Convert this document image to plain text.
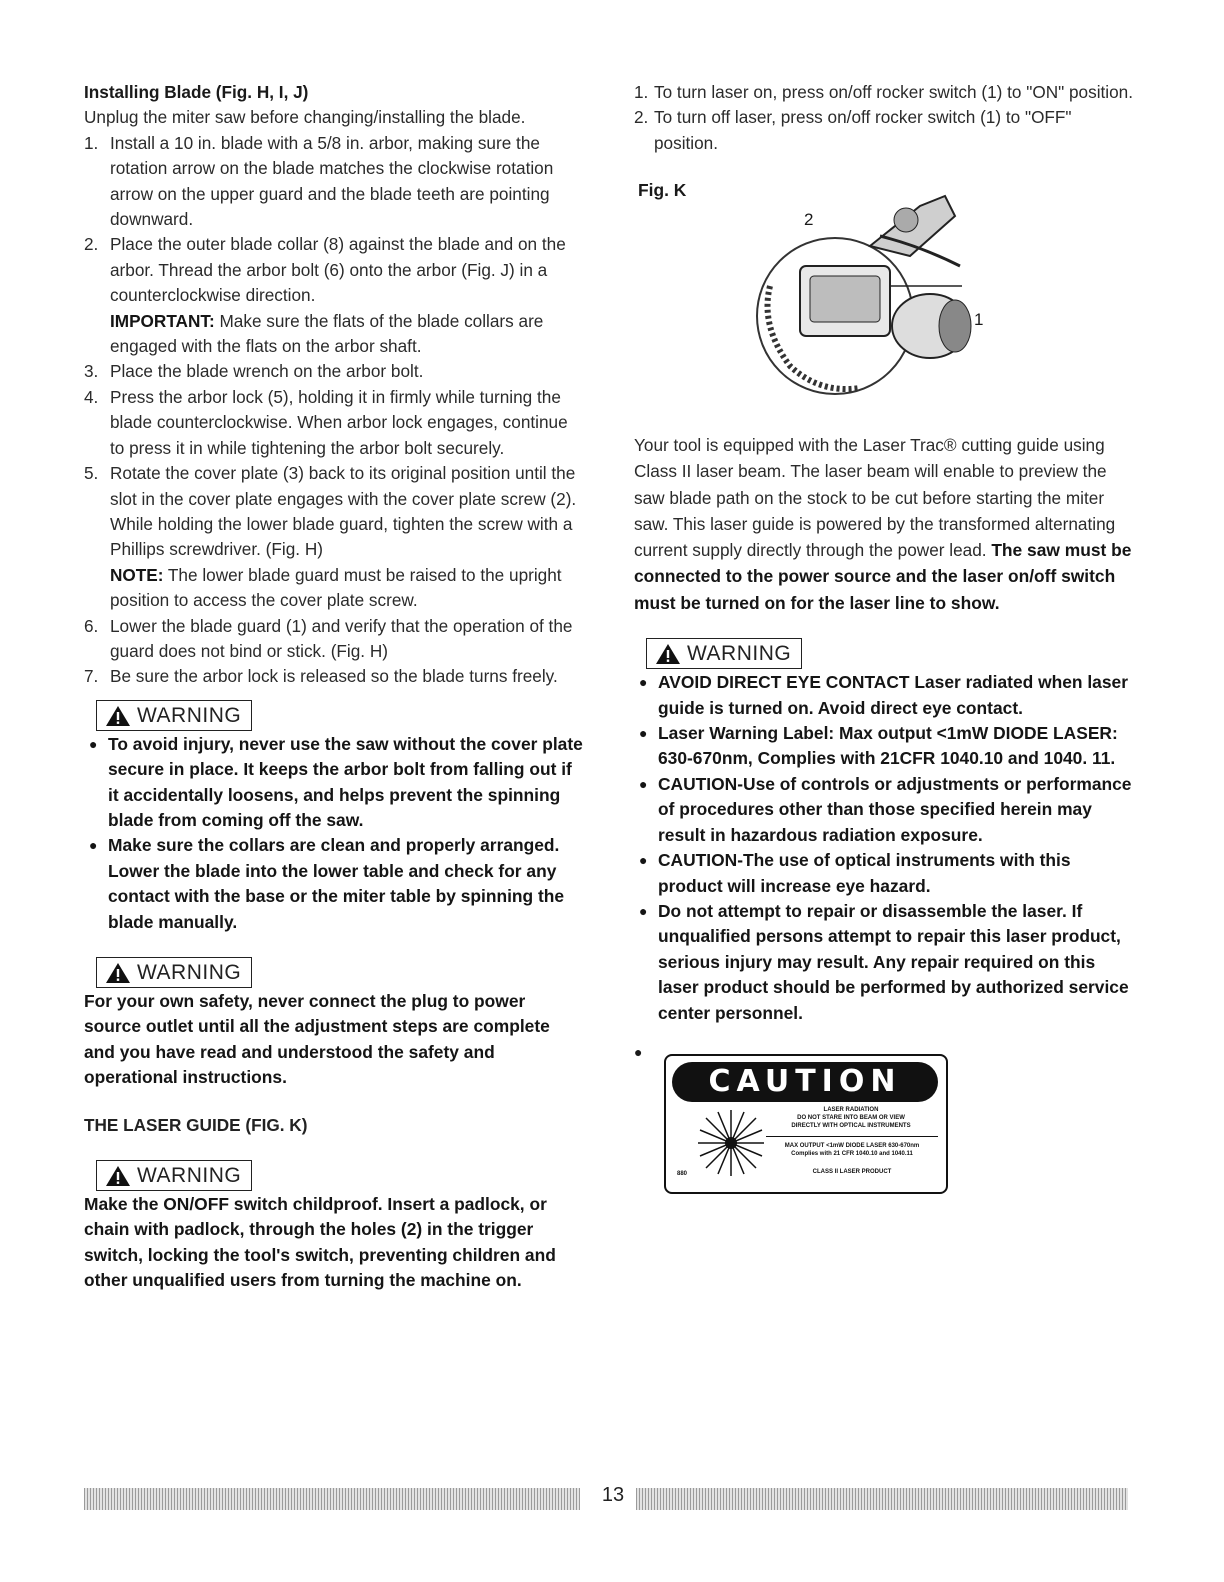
Installing Blade (Fig. H, I, J)

Unplug the miter saw before changing/installing the blade.

1. Install a 10 in. blade with a 5/8 in. arbor, making sure the rotation arrow on the blade matches the clockwise rotation arrow on the upper guard and the blade teeth are pointing downward.
2. Place the outer blade collar (8) against the blade and on the arbor. Thread the arbor bolt (6) onto the arbor (Fig. J) in a counterclockwise direction.
IMPORTANT: Make sure the flats of the blade collars are engaged with the flats on the arbor shaft.
3. Place the blade wrench on the arbor bolt.
4. Press the arbor lock (5), holding it in firmly while turning the blade counterclockwise. When arbor lock engages, continue to press it in while tightening the arbor bolt securely.
5. Rotate the cover plate (3) back to its original position until the slot in the cover plate engages with the cover plate screw (2). While holding the lower blade guard, tighten the screw with a Phillips screwdriver. (Fig. H)
NOTE: The lower blade guard must be raised to the upright position to access the cover plate screw.
6. Lower the blade guard (1) and verify that the operation of the guard does not bind or stick. (Fig. H)
7. Be sure the arbor lock is released so the blade turns freely.
WARNING
● To avoid injury, never use the saw without the cover plate secure in place. It keeps the arbor bolt from falling out if it accidentally loosens, and helps prevent the spinning blade from coming off the saw.
● Make sure the collars are clean and properly arranged. Lower the blade into the lower table and check for any contact with the base or the miter table by spinning the blade manually.
WARNING

For your own safety, never connect the plug to power source outlet until all the adjustment steps are complete and you have read and understood the safety and operational instructions.

THE LASER GUIDE (FIG. K)

WARNING

Make the ON/OFF switch childproof. Insert a padlock, or chain with padlock, through the holes (2) in the trigger switch, locking the tool's switch, preventing children and other unqualified users from turning the machine on.

1. To turn laser on, press on/off rocker switch (1) to "ON" position.
2. To turn off laser, press on/off rocker switch (1) to "OFF" position.
Fig. K
2
1

Your tool is equipped with the Laser Trac® cutting guide using Class II laser beam. The laser beam will enable to preview the saw blade path on the stock to be cut before starting the miter saw. This laser guide is powered by the transformed alternating current supply directly through the power lead. The saw must be connected to the power source and the laser on/off switch must be turned on for the laser line to show.

WARNING
● AVOID DIRECT EYE CONTACT Laser radiated when laser guide is turned on. Avoid direct eye contact.
● Laser Warning Label: Max output <1mW DIODE LASER: 630-670nm, Complies with 21CFR 1040.10 and 1040. 11.
● CAUTION-Use of controls or adjustments or performance of procedures other than those specified herein may result in hazardous radiation exposure.
● CAUTION-The use of optical instruments with this product will increase eye hazard.
● Do not attempt to repair or disassemble the laser. If unqualified persons attempt to repair this laser product, serious injury may result. Any repair required on this laser product should be performed by authorized service center personnel.
●
CAUTION
LASER RADIATION
DO NOT STARE INTO BEAM OR VIEW
DIRECTLY WITH OPTICAL INSTRUMENTS
MAX OUTPUT <1mW DIODE LASER 630-670nm
Complies with 21 CFR 1040.10 and 1040.11
CLASS II LASER PRODUCT
880
13
